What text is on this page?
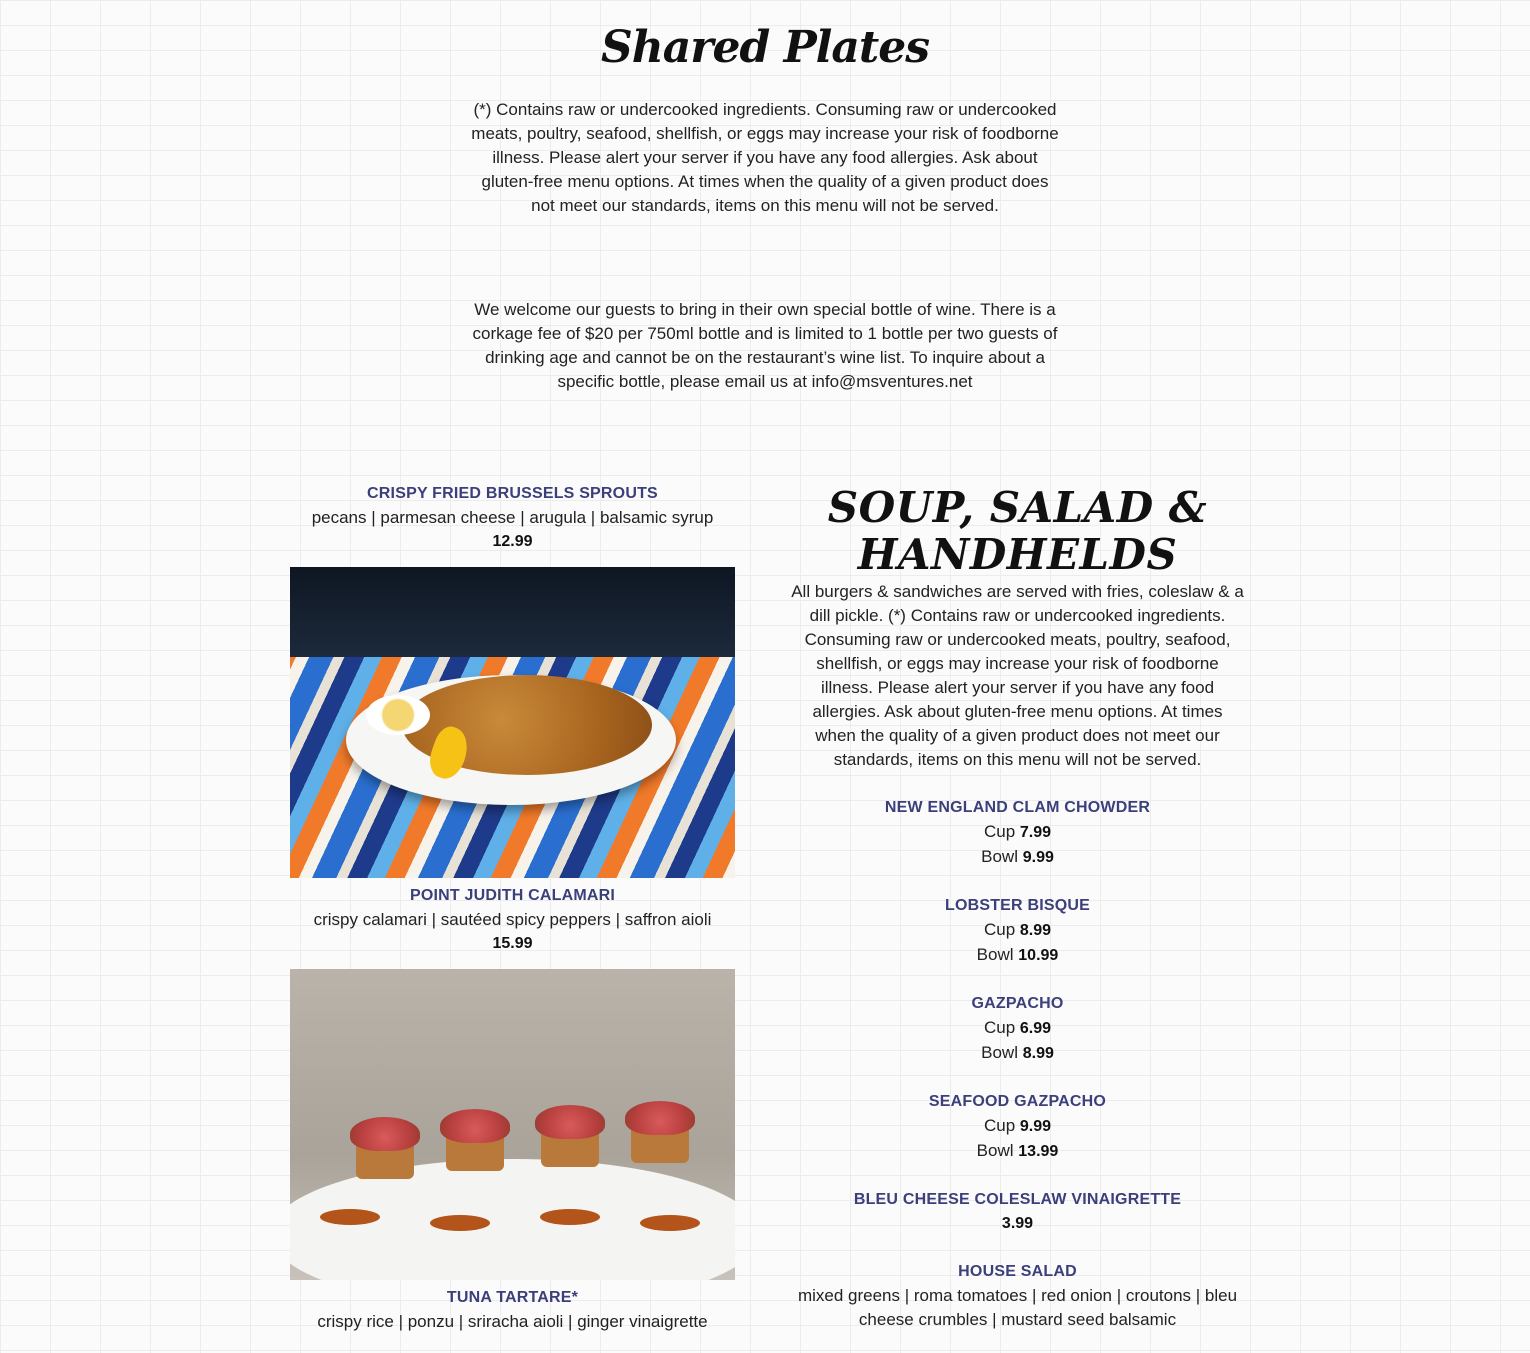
Shared Plates
(*) Contains raw or undercooked ingredients. Consuming raw or undercooked meats, poultry, seafood, shellfish, or eggs may increase your risk of foodborne illness. Please alert your server if you have any food allergies. Ask about gluten-free menu options. At times when the quality of a given product does not meet our standards, items on this menu will not be served.
We welcome our guests to bring in their own special bottle of wine. There is a corkage fee of $20 per 750ml bottle and is limited to 1 bottle per two guests of drinking age and cannot be on the restaurant’s wine list. To inquire about a specific bottle, please email us at info@msventures.net
CRISPY FRIED BRUSSELS SPROUTS
pecans | parmesan cheese | arugula | balsamic syrup
12.99
POINT JUDITH CALAMARI
crispy calamari | sautéed spicy peppers | saffron aioli
15.99
TUNA TARTARE*
crispy rice | ponzu | sriracha aioli | ginger vinaigrette
SOUP, SALAD & HANDHELDS
All burgers & sandwiches are served with fries, coleslaw & a dill pickle. (*) Contains raw or undercooked ingredients. Consuming raw or undercooked meats, poultry, seafood, shellfish, or eggs may increase your risk of foodborne illness. Please alert your server if you have any food allergies. Ask about gluten-free menu options. At times when the quality of a given product does not meet our standards, items on this menu will not be served.
NEW ENGLAND CLAM CHOWDER
Cup 7.99
Bowl 9.99
LOBSTER BISQUE
Cup 8.99
Bowl 10.99
GAZPACHO
Cup 6.99
Bowl 8.99
SEAFOOD GAZPACHO
Cup 9.99
Bowl 13.99
BLEU CHEESE COLESLAW VINAIGRETTE
3.99
HOUSE SALAD
mixed greens | roma tomatoes | red onion | croutons | bleu cheese crumbles | mustard seed balsamic
